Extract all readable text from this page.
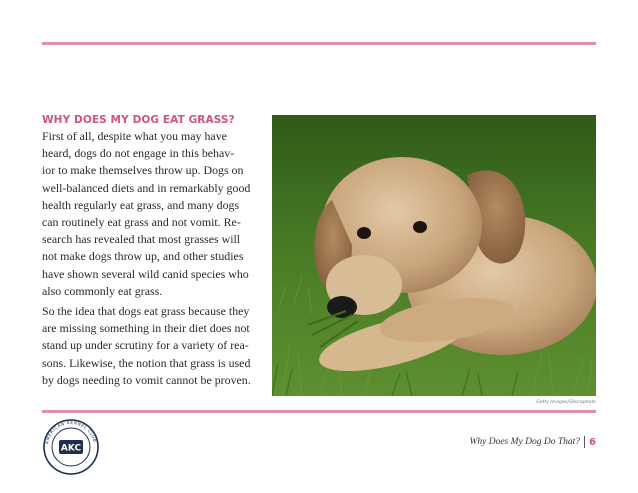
WHY DOES MY DOG EAT GRASS?

First of all, despite what you may have
heard, dogs do not engage in this behav-
ior to make themselves throw up. Dogs on
well-balanced diets and in remarkably good
health regularly eat grass, and many dogs
can routinely eat grass and not vomit. Re-
search has revealed that most grasses will
not make dogs throw up, and other studies
have shown several wild canid species who
also commonly eat grass.

So the idea that dogs eat grass because they
are missing something in their diet does not
stand up under scrutiny for a variety of rea-
sons. Likewise, the notion that grass is used
by dogs needing to vomit cannot be proven.

Getty Images/iStockphoto
AMERICAN KENNEL CLUB
AKC
Why Does My Dog Do That? 6
